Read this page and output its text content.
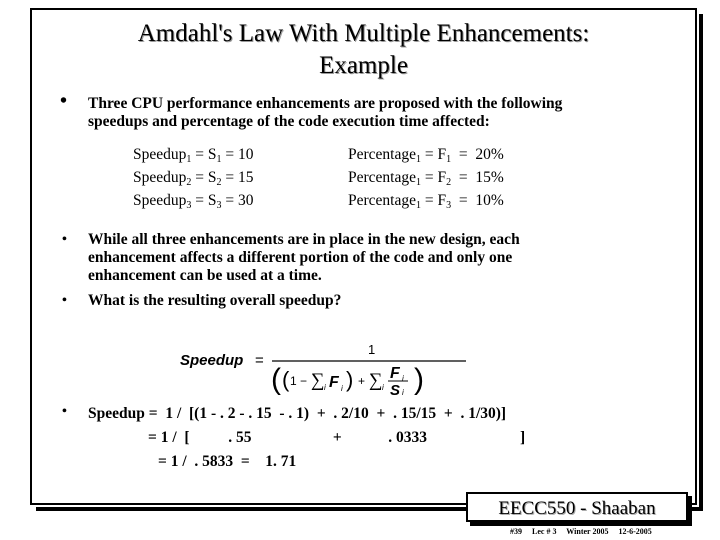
Amdahl's Law With Multiple Enhancements:
Example
• Three CPU performance enhancements are proposed with the following
speedups and percentage of the code execution time affected:
Speedup$_1$ = $S_1 = 10$
Speedup$_2$ = $S_2 = 15$
Speedup$_3$ = $S_3 = 30$
Percentage$_1$ = $F_1 = 20\%$
Percentage$_1$ = $F_2 = 15\%$
Percentage$_1$ = $F_3 = 10\%$
• While all three enhancements are in place in the new design, each
enhancement affects a different portion of the code and only one
enhancement can be used at a time.
• What is the resulting overall speedup?
Speedup =
1
( ( 1 − ∑ i F i ) + ∑ i
F i
S i )
• Speedup =  1 /  [(1 - . 2 - . 15  - . 1)  +  . 2/10  +  . 15/15  +  . 1/30)]
= 1 /  [          . 55                     +            . 0333                        ]
= 1 /  . 5833  =    1. 71
EECC550 - Shaaban
#39 Lec # 3 Winter 2005 12-6-2005
